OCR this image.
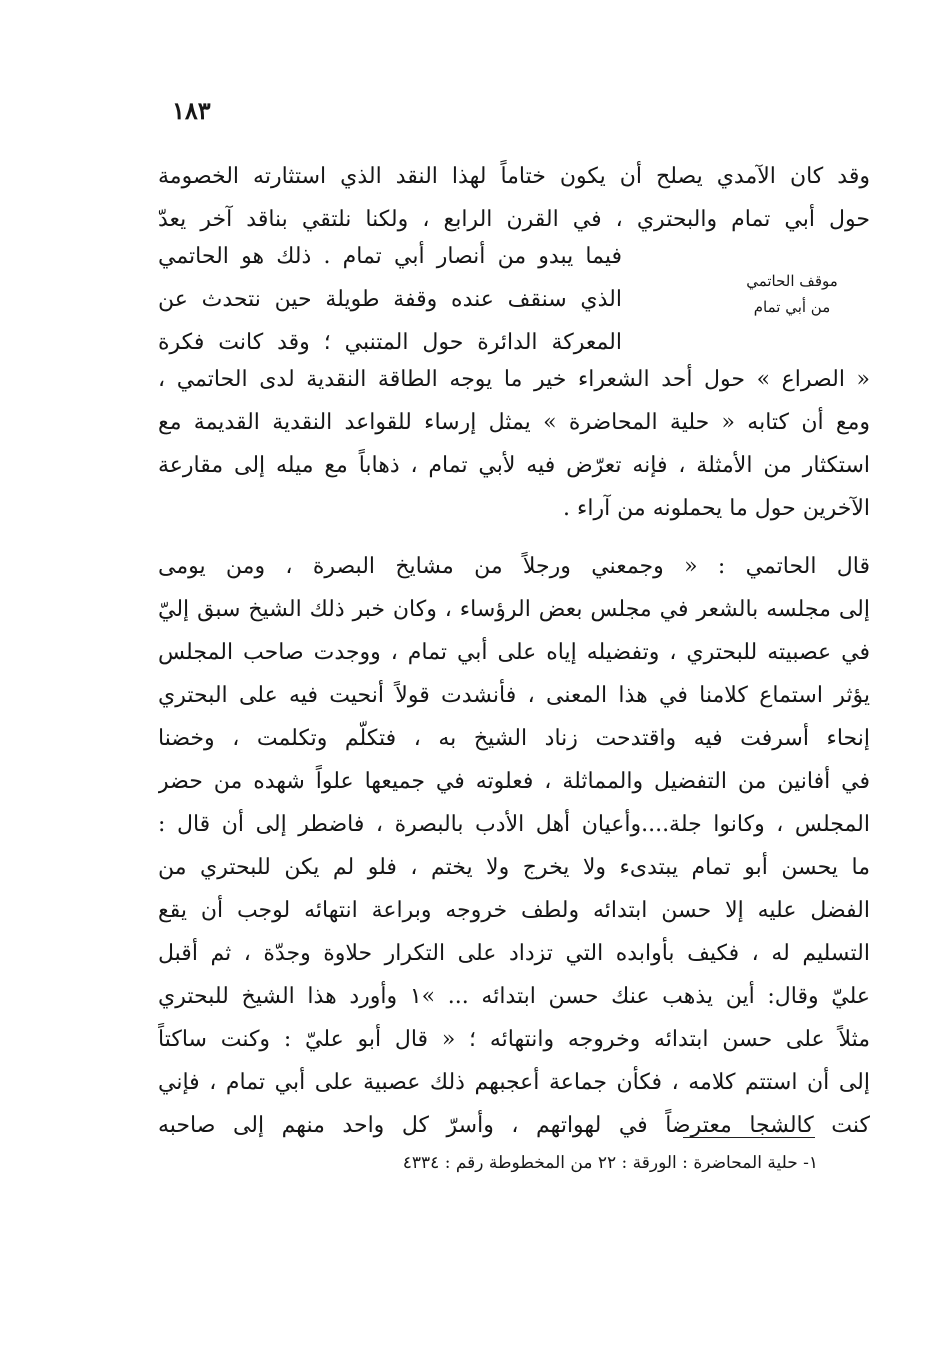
١٨٣
وقد كان الآمدي يصلح أن يكون ختاماً لهذا النقد الذي استثارته الخصومة
حول أبي تمام والبحتري ، في القرن الرابع ، ولكنا نلتقي بناقد آخر يعدّ
فيما يبدو من أنصار أبي تمام . ذلك هو الحاتمي
الذي سنقف عنده وقفة طويلة حين نتحدث عن
المعركة الدائرة حول المتنبي ؛ وقد كانت فكرة
موقف الحاتمي
من أبي تمام
« الصراع » حول أحد الشعراء خير ما يوجه الطاقة النقدية لدى الحاتمي ،
ومع أن كتابه « حلية المحاضرة » يمثل إرساء للقواعد النقدية القديمة مع
استكثار من الأمثلة ، فإنه تعرّض فيه لأبي تمام ، ذهاباً مع ميله إلى مقارعة
الآخرين حول ما يحملونه من آراء .
قال الحاتمي : « وجمعني ورجلاً من مشايخ البصرة ، ومن يومى
إلى مجلسه بالشعر في مجلس بعض الرؤساء ، وكان خبر ذلك الشيخ سبق إليّ
في عصبيته للبحتري ، وتفضيله إياه على أبي تمام ، ووجدت صاحب المجلس
يؤثر استماع كلامنا في هذا المعنى ، فأنشدت قولاً أنحيت فيه على البحتري
إنحاء أسرفت فيه واقتدحت زناد الشيخ به ، فتكلّم وتكلمت ، وخضنا
في أفانين من التفضيل والمماثلة ، فعلوته في جميعها علواً شهده من حضر
المجلس ، وكانوا جلة....وأعيان أهل الأدب بالبصرة ، فاضطر إلى أن قال :
ما يحسن أبو تمام يبتدىء ولا يخرج ولا يختم ، فلو لم يكن للبحتري من
الفضل عليه إلا حسن ابتدائه ولطف خروجه وبراعة انتهائه لوجب أن يقع
التسليم له ، فكيف بأوابده التي تزداد على التكرار حلاوة وجدّة ، ثم أقبل
عليّ وقال: أين يذهب عنك حسن ابتدائه ... »١ وأورد هذا الشيخ للبحتري
مثلاً على حسن ابتدائه وخروجه وانتهائه ؛ « قال أبو عليّ : وكنت ساكتاً
إلى أن استتم كلامه ، فكأن جماعة أعجبهم ذلك عصبية على أبي تمام ، فإني
كنت كالشجا معترضاً في لهواتهم ، وأسرّ كل واحد منهم إلى صاحبه
١- حلية المحاضرة : الورقة : ٢٢ من المخطوطة رقم : ٤٣٣٤
